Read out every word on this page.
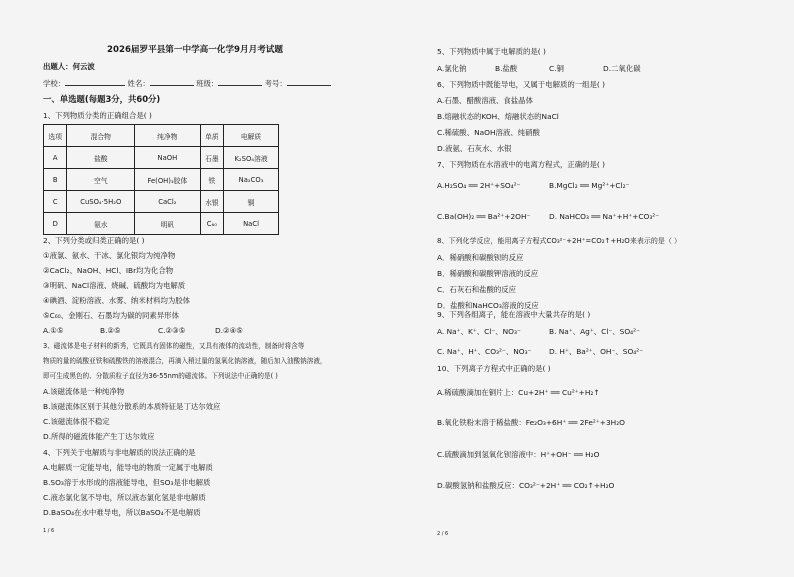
2026届罗平县第一中学高一化学9月月考试题
出题人：何云波
学校：	姓名：	班级：	考号：
一、单选题(每题3分，共60分)
1、下列物质分类的正确组合是( )
选项	混合物	纯净物	单质	电解质
A	盐酸	NaOH	石墨	K₂SO₄溶液
B	空气	Fe(OH)₃胶体	铁	Na₂CO₃
C	CuSO₄·5H₂O	CaCl₂	水银	铜
D	氨水	明矾	C₆₀	NaCl
2、下列分类或归类正确的是( )
①液氯、氨水、干冰、氯化银均为纯净物
②CaCl₂、NaOH、HCl、IBr均为化合物
③明矾、NaCl溶液、烧碱、硫酸均为电解质
④碘酒、淀粉溶液、水雾、纳米材料均为胶体
⑤C₆₀、金刚石、石墨均为碳的同素异形体
A.①⑤	B.②⑤	C.②③⑤	D.②④⑤
3、磁流体是电子材料的新秀，它既具有固体的磁性，又具有液体的流动性，制备时将含等
物质的量的硫酸亚铁和硫酸铁的溶液混合，再滴入稍过量的氢氧化钠溶液，随后加入油酸钠溶液，
即可生成黑色的、分散质粒子直径为36-55nm的磁流体。下列说法中正确的是( )
A.该磁流体是一种纯净物
B.该磁流体区别于其他分散系的本质特征是丁达尔效应
C.该磁流体很不稳定
D.所得的磁流体能产生丁达尔效应
4、下列关于电解质与非电解质的说法正确的是
A.电解质一定能导电，能导电的物质一定属于电解质
B.SO₃溶于水形成的溶液能导电，但SO₃是非电解质
C.液态氯化氢不导电，所以液态氯化氢是非电解质
D.BaSO₄在水中难导电，所以BaSO₄不是电解质
1 / 6
5、下列物质中属于电解质的是( )
A.氯化钠	B.盐酸	C.铜	D.二氧化碳
6、下列物质中既能导电，又属于电解质的一组是( )
A.石墨、醋酸溶液、食盐晶体
B.熔融状态的KOH、熔融状态的NaCl
C.稀硫酸、NaOH溶液、纯硝酸
D.液氨、石灰水、水银
7、下列物质在水溶液中的电离方程式，正确的是( )
A.H₂SO₄ ══ 2H⁺+SO₄²⁻	B.MgCl₂ ══ Mg²⁺+Cl₂⁻
C.Ba(OH)₂ ══ Ba²⁺+2OH⁻	D. NaHCO₃ ══ Na⁺+H⁺+CO₃²⁻
8、下列化学反应，能用离子方程式CO₃²⁻+2H⁺=CO₂↑+H₂O来表示的是（ ）
A．稀硝酸和碳酸钡的反应
B．稀硝酸和碳酸钾溶液的反应
C．石灰石和盐酸的反应
D．盐酸和NaHCO₃溶液的反应
9、下列各组离子，能在溶液中大量共存的是( )
A. Na⁺、K⁺、Cl⁻、NO₃⁻	B. Na⁺、Ag⁺、Cl⁻、SO₄²⁻
C. Na⁺、H⁺、CO₃²⁻、NO₃⁻ D. H⁺、Ba²⁺、OH⁻、SO₄²⁻
10、下列离子方程式中正确的是( )
A.稀硫酸滴加在铜片上：Cu+2H⁺ ══ Cu²⁺+H₂↑
B.氧化铁粉末溶于稀盐酸：Fe₂O₃+6H⁺ ══ 2Fe²⁺+3H₂O
C.硫酸滴加到氢氧化钡溶液中：H⁺+OH⁻ ══ H₂O
D.碳酸氢钠和盐酸反应：CO₃²⁻+2H⁺ ══ CO₂↑+H₂O
2 / 6
